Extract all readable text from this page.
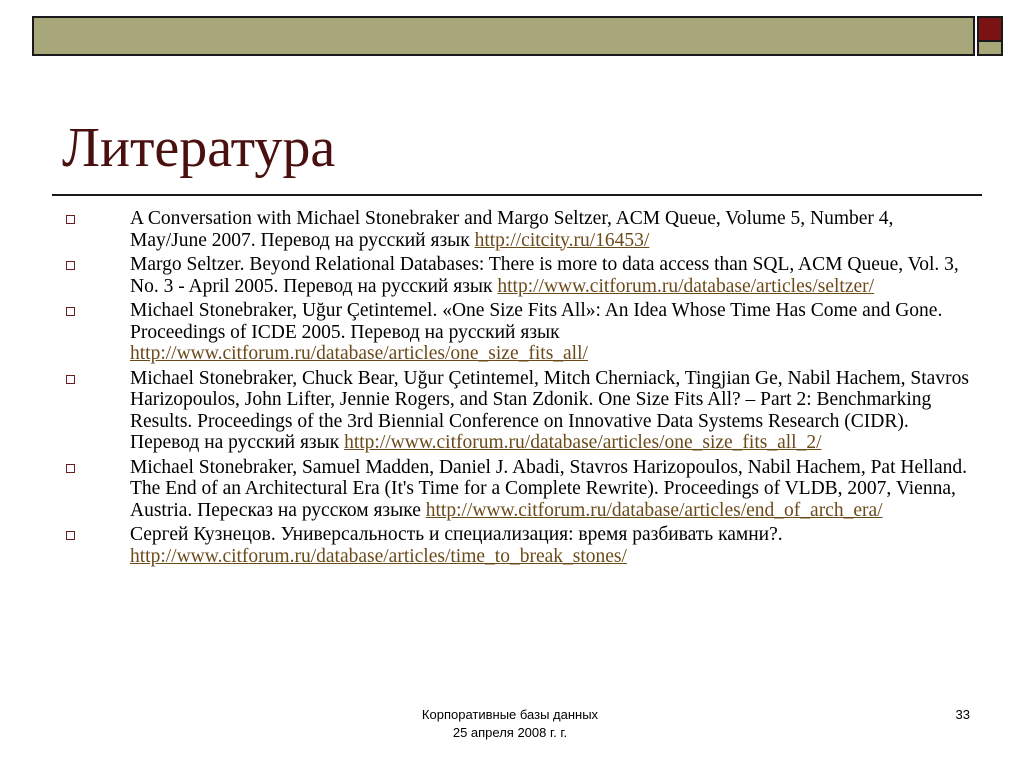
Литература
A Conversation with Michael Stonebraker and Margo Seltzer, ACM Queue, Volume 5, Number 4, May/June 2007. Перевод на русский язык http://citcity.ru/16453/
Margo Seltzer. Beyond Relational Databases: There is more to data access than SQL, ACM Queue, Vol. 3, No. 3 - April 2005. Перевод на русский язык http://www.citforum.ru/database/articles/seltzer/
Michael Stonebraker, Uğur Çetintemel. «One Size Fits All»: An Idea Whose Time Has Come and Gone. Proceedings of ICDE 2005. Перевод на русский язык http://www.citforum.ru/database/articles/one_size_fits_all/
Michael Stonebraker, Chuck Bear, Uğur Çetintemel, Mitch Cherniack, Tingjian Ge, Nabil Hachem, Stavros Harizopoulos, John Lifter, Jennie Rogers, and Stan Zdonik. One Size Fits All? – Part 2: Benchmarking Results. Proceedings of the 3rd Biennial Conference on Innovative Data Systems Research (CIDR). Перевод на русский язык http://www.citforum.ru/database/articles/one_size_fits_all_2/
Michael Stonebraker, Samuel Madden, Daniel J. Abadi, Stavros Harizopoulos, Nabil Hachem, Pat Helland. The End of an Architectural Era (It's Time for a Complete Rewrite). Proceedings of VLDB, 2007, Vienna, Austria. Пересказ на русском языке http://www.citforum.ru/database/articles/end_of_arch_era/
Сергей Кузнецов. Универсальность и специализация: время разбивать камни?. http://www.citforum.ru/database/articles/time_to_break_stones/
Корпоративные базы данных
25 апреля 2008 г. г.
33
